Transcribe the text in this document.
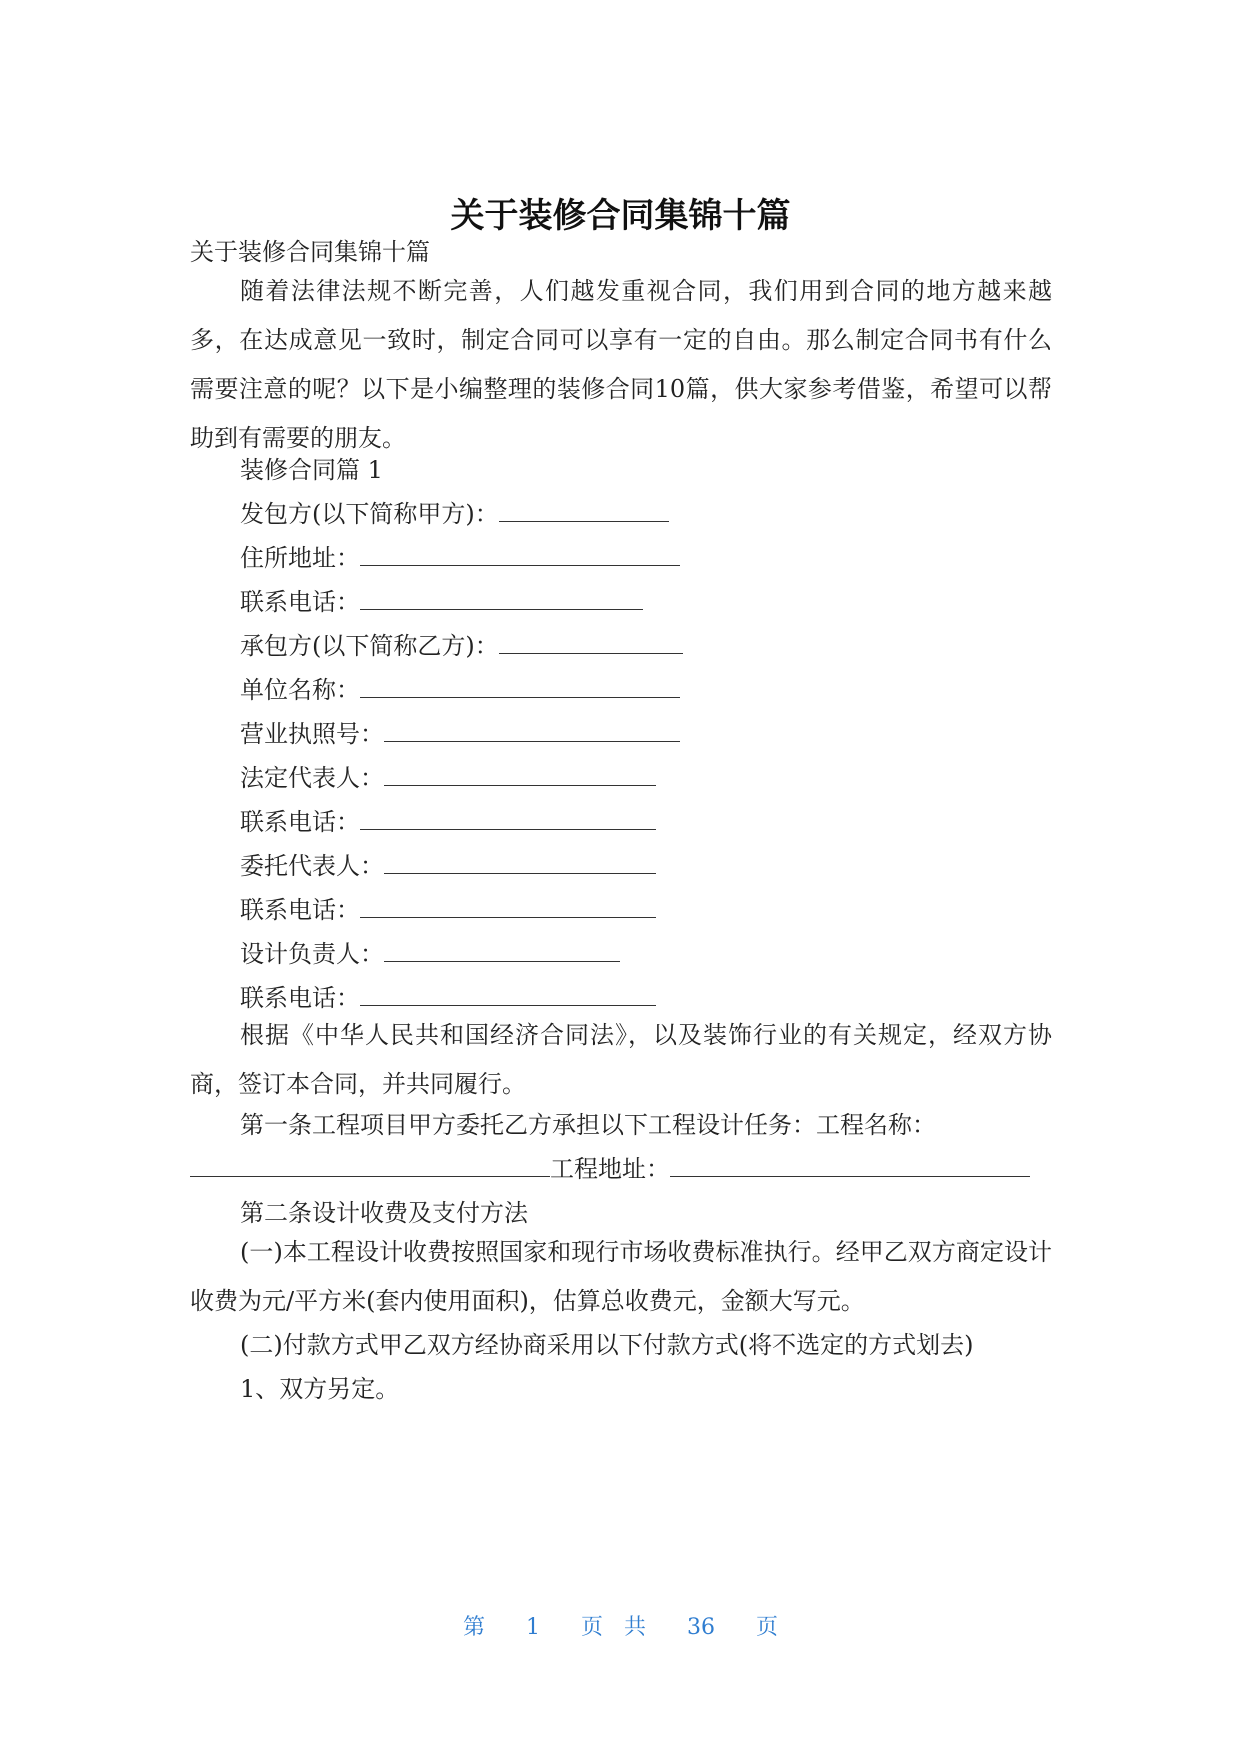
关于装修合同集锦十篇
关于装修合同集锦十篇
随着法律法规不断完善，人们越发重视合同，我们用到合同的地方越来越多，在达成意见一致时，制定合同可以享有一定的自由。那么制定合同书有什么需要注意的呢？以下是小编整理的装修合同10篇，供大家参考借鉴，希望可以帮助到有需要的朋友。
装修合同篇 1
发包方(以下简称甲方)：
住所地址：
联系电话：
承包方(以下简称乙方)：
单位名称：
营业执照号：
法定代表人：
联系电话：
委托代表人：
联系电话：
设计负责人：
联系电话：
根据《中华人民共和国经济合同法》，以及装饰行业的有关规定，经双方协商，签订本合同，并共同履行。
第一条工程项目甲方委托乙方承担以下工程设计任务：工程名称：
工程地址：
第二条设计收费及支付方法
(一)本工程设计收费按照国家和现行市场收费标准执行。经甲乙双方商定设计收费为元/平方米(套内使用面积)，估算总收费元，金额大写元。
(二)付款方式甲乙双方经协商采用以下付款方式(将不选定的方式划去)
1、双方另定。
第 1 页 共 36 页
